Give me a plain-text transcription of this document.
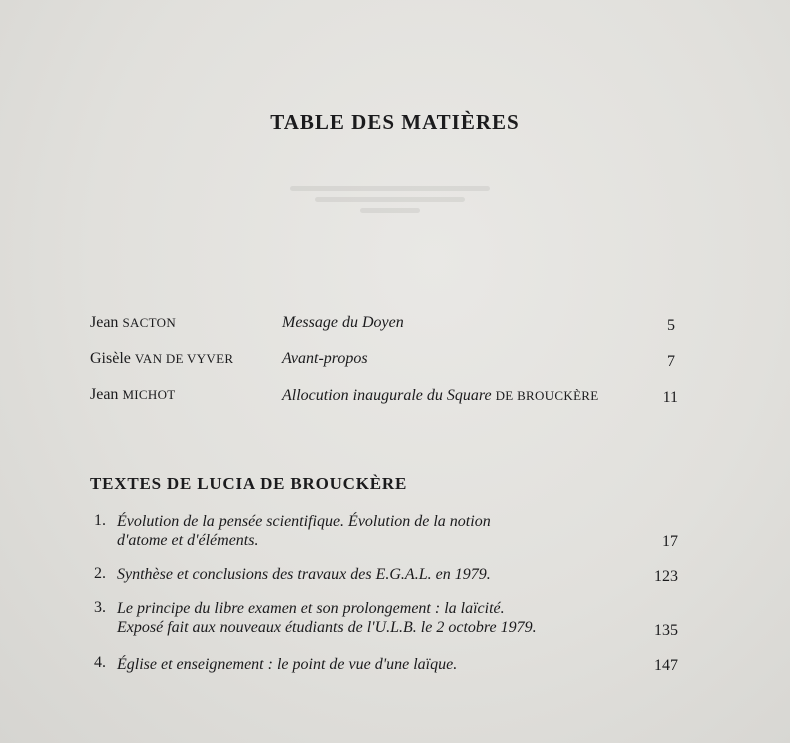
TABLE DES MATIÈRES
Jean SACTON	Message du Doyen	5
Gisèle VAN DE VYVER	Avant-propos	7
Jean MICHOT	Allocution inaugurale du Square DE BROUCKÈRE	11
TEXTES DE LUCIA DE BROUCKÈRE
1. Évolution de la pensée scientifique. Évolution de la notion
d'atome et d'éléments.	17
2. Synthèse et conclusions des travaux des E.G.A.L. en 1979.	123
3. Le principe du libre examen et son prolongement : la laïcité.
Exposé fait aux nouveaux étudiants de l'U.L.B. le 2 octobre 1979.	135
4. Église et enseignement : le point de vue d'une laïque.	147
